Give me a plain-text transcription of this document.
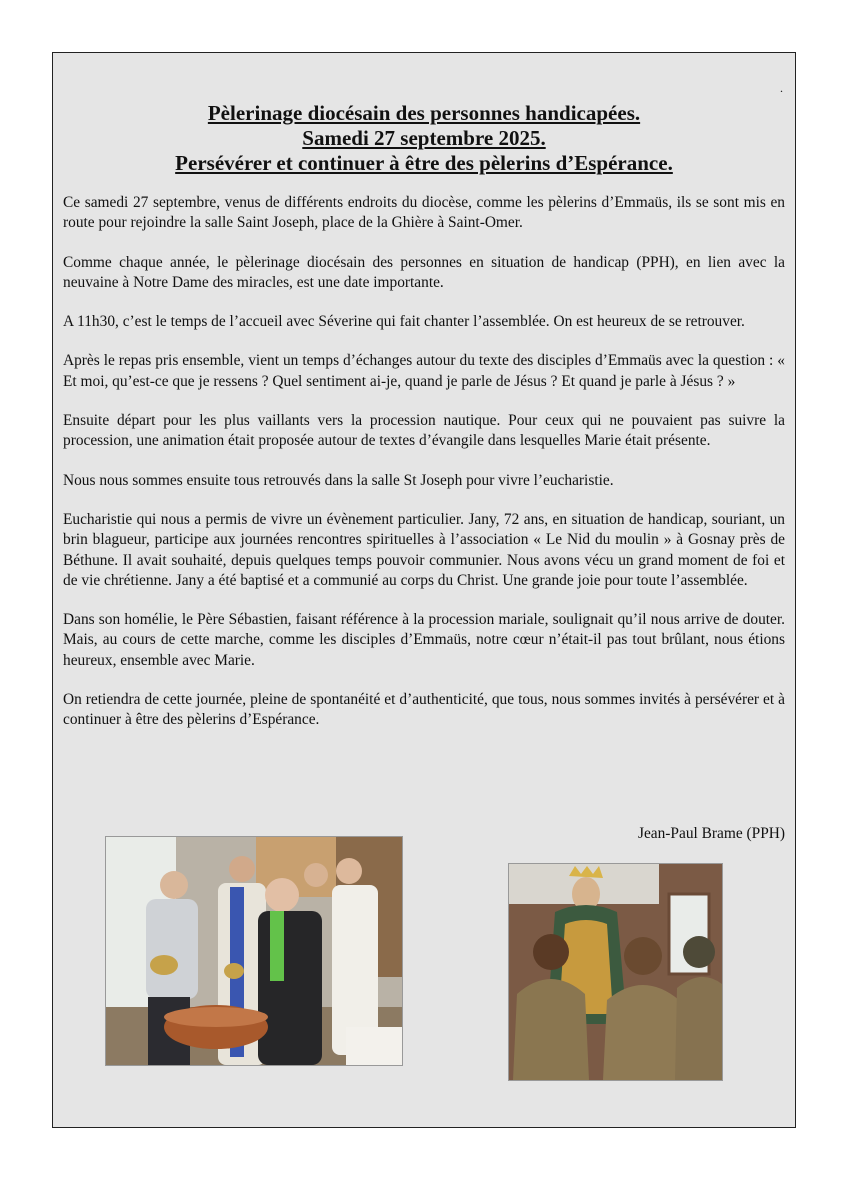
.
Pèlerinage diocésain des personnes handicapées.
Samedi 27 septembre 2025.
Persévérer et continuer à être des pèlerins d’Espérance.

Ce samedi 27 septembre, venus de différents endroits du diocèse, comme les pèlerins d’Emmaüs, ils se sont mis en route pour rejoindre la salle Saint Joseph, place de la Ghière à Saint-Omer.

Comme chaque année, le pèlerinage diocésain des personnes en situation de handicap (PPH), en lien avec la neuvaine à Notre Dame des miracles, est une date importante.

A 11h30, c’est le temps de l’accueil avec Séverine qui fait chanter l’assemblée. On est heureux de se retrouver.

Après le repas pris ensemble, vient un temps d’échanges autour du texte des disciples d’Emmaüs avec la question : « Et moi, qu’est-ce que je ressens ? Quel sentiment ai-je, quand je parle de Jésus ? Et quand je parle à Jésus ? »

Ensuite départ pour les plus vaillants vers la procession nautique. Pour ceux qui ne pouvaient pas suivre la procession, une animation était proposée autour de textes d’évangile dans lesquelles Marie était présente.

Nous nous sommes ensuite tous retrouvés dans la salle St Joseph pour vivre l’eucharistie.

Eucharistie qui nous a permis de vivre un évènement particulier. Jany, 72 ans, en situation de handicap, souriant, un brin blagueur, participe aux journées rencontres spirituelles à l’association « Le Nid du moulin » à Gosnay près de Béthune. Il avait souhaité, depuis quelques temps pouvoir communier. Nous avons vécu un grand moment de foi et de vie chrétienne. Jany a été baptisé et a communié au corps du Christ. Une grande joie pour toute l’assemblée.

Dans son homélie, le Père Sébastien, faisant référence à la procession mariale, soulignait qu’il nous arrive de douter. Mais, au cours de cette marche, comme les disciples d’Emmaüs, notre cœur n’était-il pas tout brûlant, nous étions heureux, ensemble avec Marie.

On retiendra de cette journée, pleine de spontanéité et d’authenticité, que tous, nous sommes invités à persévérer et à continuer à être des pèlerins d’Espérance.

Jean-Paul Brame (PPH)
